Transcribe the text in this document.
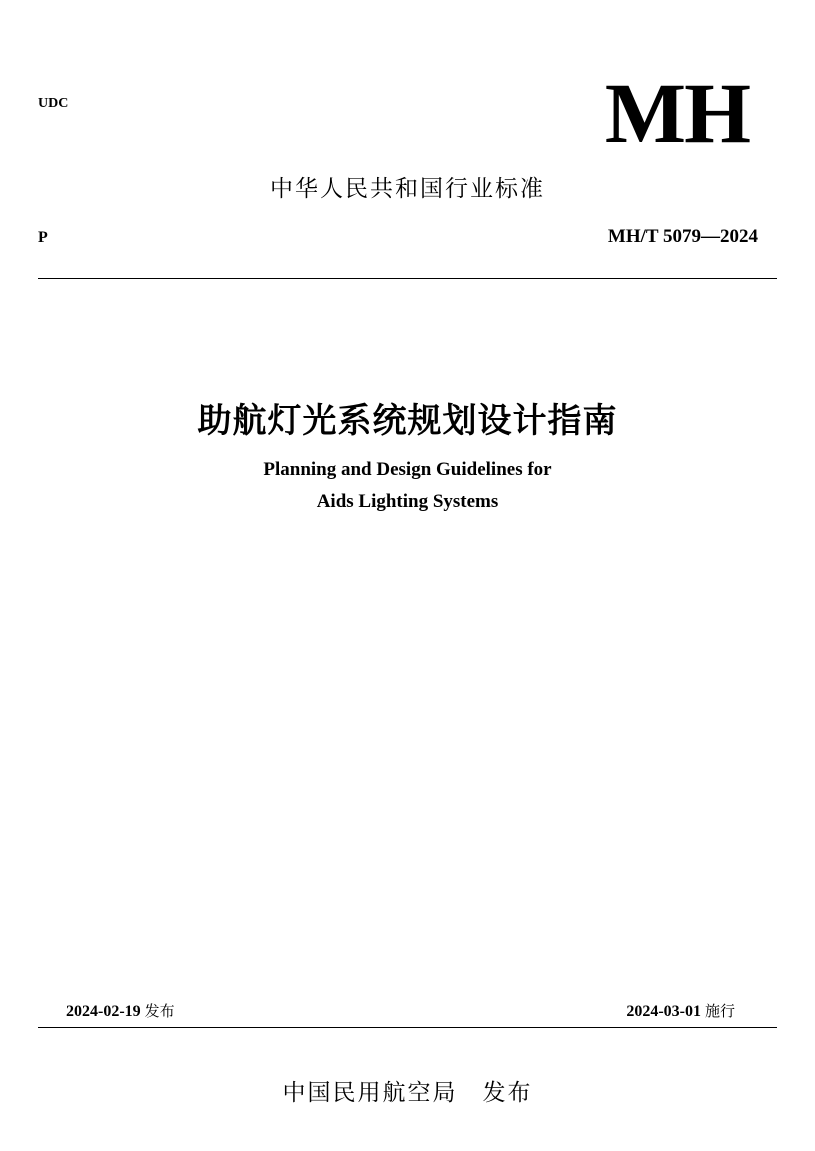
UDC	MH
中华人民共和国行业标准
P	MH/T 5079—2024
助航灯光系统规划设计指南
Planning and Design Guidelines for
Aids Lighting Systems
2024-02-19 发布	2024-03-01 施行
中国民用航空局　发布
